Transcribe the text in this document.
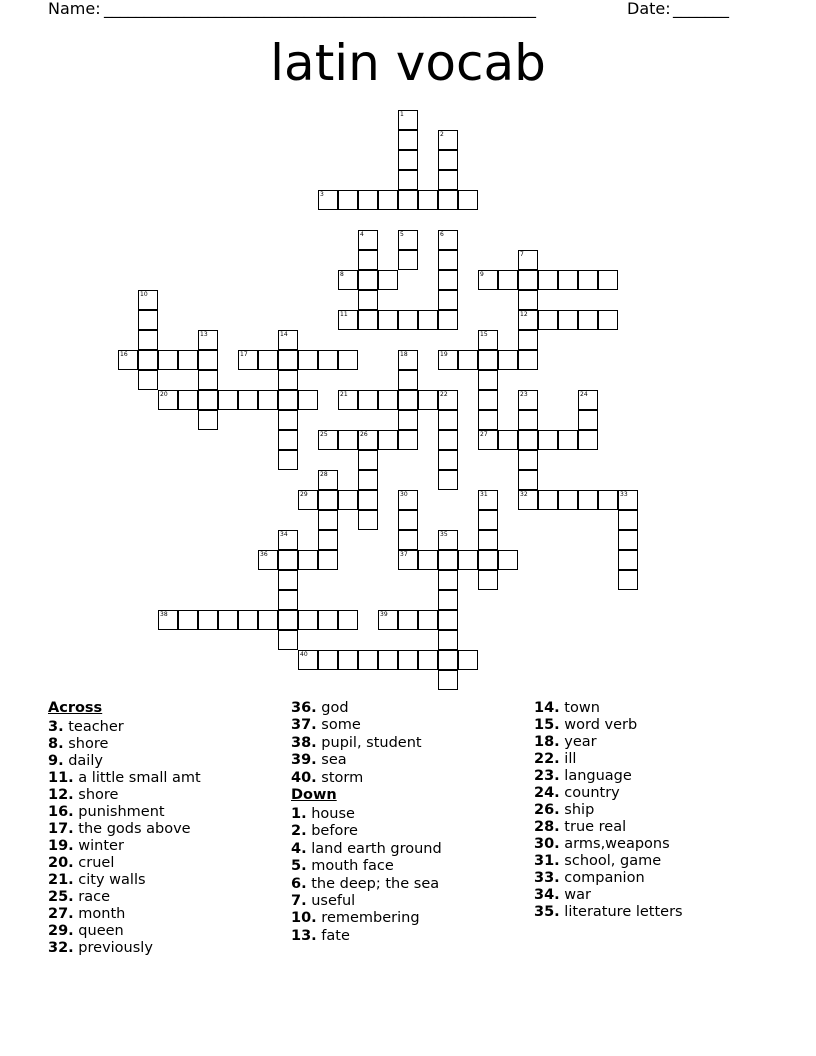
Name: ______________________________________________________	Date: _______
latin vocab
1
2
3
4	5	6
7
8	9
10
11	12
13	14	15
16	17	18	19
20	21	22	23	24
25	26	27
28
29	30	31	32	33
34	35
36	37
38	39
40
Across
3. teacher
8. shore
9. daily
11. a little small amt
12. shore
16. punishment
17. the gods above
19. winter
20. cruel
21. city walls
25. race
27. month
29. queen
32. previously
36. god
37. some
38. pupil, student
39. sea
40. storm
Down
1. house
2. before
4. land earth ground
5. mouth face
6. the deep; the sea
7. useful
10. remembering
13. fate
14. town
15. word verb
18. year
22. ill
23. language
24. country
26. ship
28. true real
30. arms,weapons
31. school, game
33. companion
34. war
35. literature letters
